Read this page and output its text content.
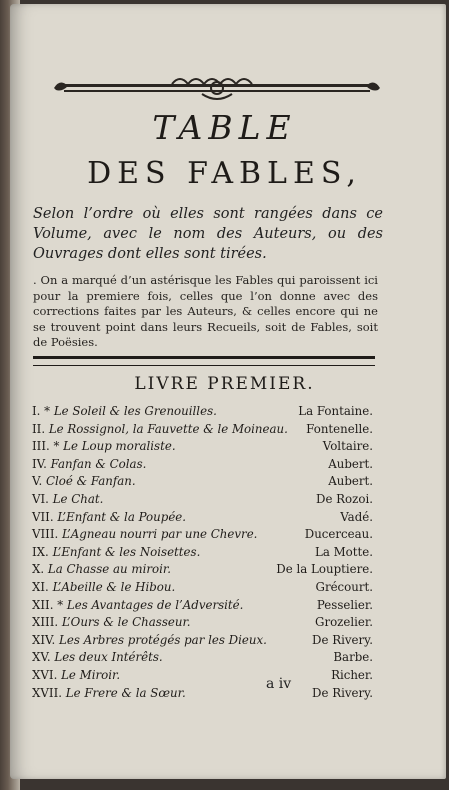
TABLE
DES FABLES,
Selon l’ordre où elles sont rangées dans ce Volume, avec le nom des Auteurs, ou des Ouvrages dont elles sont tirées.
. On a marqué d’un astérisque les Fables qui paroissent ici pour la premiere fois, celles que l’on donne avec des corrections faites par les Auteurs, & celles encore qui ne se trouvent point dans leurs Recueils, soit de Fables, soit de Poësies.
LIVRE PREMIER.
I. * Le Soleil & les Grenouilles.	La Fontaine.
II. Le Rossignol, la Fauvette & le Moineau. Fontenelle.
III. * Le Loup moraliste.	Voltaire.
IV. Fanfan & Colas.	Aubert.
V. Cloé & Fanfan.	Aubert.
VI. Le Chat.	De Rozoi.
VII. L’Enfant & la Poupée.	Vadé.
VIII. L’Agneau nourri par une Chevre.	Ducerceau.
IX. L’Enfant & les Noisettes.	La Motte.
X. La Chasse au miroir.	De la Louptiere.
XI. L’Abeille & le Hibou.	Grécourt.
XII. * Les Avantages de l’Adversité.	Pesselier.
XIII. L’Ours & le Chasseur.	Grozelier.
XIV. Les Arbres protégés par les Dieux.	De Rivery.
XV. Les deux Intérêts.	Barbe.
XVI. Le Miroir.	Richer.
XVII. Le Frere & la Sœur.	De Rivery.
a iv
